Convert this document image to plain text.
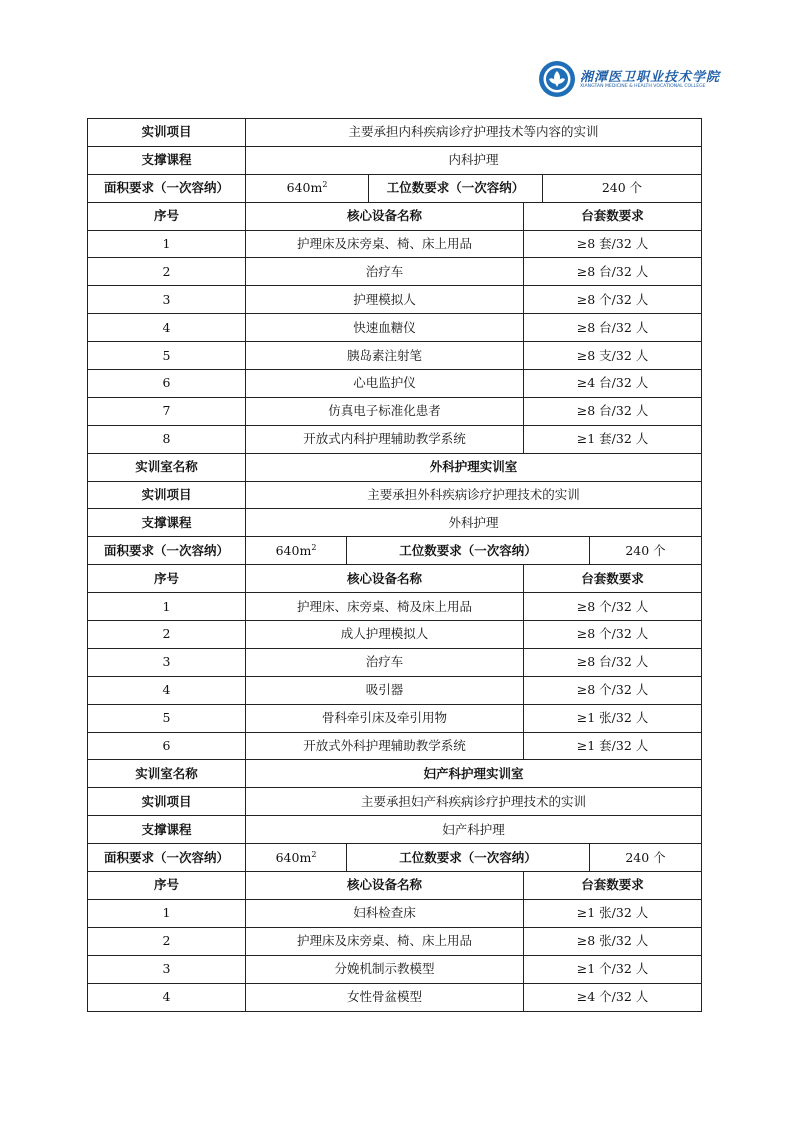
湘潭医卫职业技术学院
XIANGTAN MEDICINE & HEALTH VOCATIONAL COLLEGE
实训项目	主要承担内科疾病诊疗护理技术等内容的实训					
支撑课程	内科护理					
面积要求（一次容纳）	$640m^2$		工位数要求（一次容纳）		240 个	
序号	核心设备名称			台套数要求		
1	护理床及床旁桌、椅、床上用品			≥8 套/32 人		
2	治疗车			≥8 台/32 人		
3	护理模拟人			≥8 个/32 人		
4	快速血糖仪			≥8 台/32 人		
5	胰岛素注射笔			≥8 支/32 人		
6	心电监护仪			≥4 台/32 人		
7	仿真电子标准化患者			≥8 台/32 人		
8	开放式内科护理辅助教学系统			≥1 套/32 人		
实训室名称	外科护理实训室					
实训项目	主要承担外科疾病诊疗护理技术的实训					
支撑课程	外科护理					
面积要求（一次容纳）	$640m^2$	工位数要求（一次容纳）				240 个
序号	核心设备名称			台套数要求		
1	护理床、床旁桌、椅及床上用品			≥8 个/32 人		
2	成人护理模拟人			≥8 个/32 人		
3	治疗车			≥8 台/32 人		
4	吸引器			≥8 个/32 人		
5	骨科牵引床及牵引用物			≥1 张/32 人		
6	开放式外科护理辅助教学系统			≥1 套/32 人		
实训室名称	妇产科护理实训室					
实训项目	主要承担妇产科疾病诊疗护理技术的实训					
支撑课程	妇产科护理					
面积要求（一次容纳）	$640m^2$	工位数要求（一次容纳）				240 个
序号	核心设备名称			台套数要求		
1	妇科检查床			≥1 张/32 人		
2	护理床及床旁桌、椅、床上用品			≥8 张/32 人		
3	分娩机制示教模型			≥1 个/32 人		
4	女性骨盆模型			≥4 个/32 人		
